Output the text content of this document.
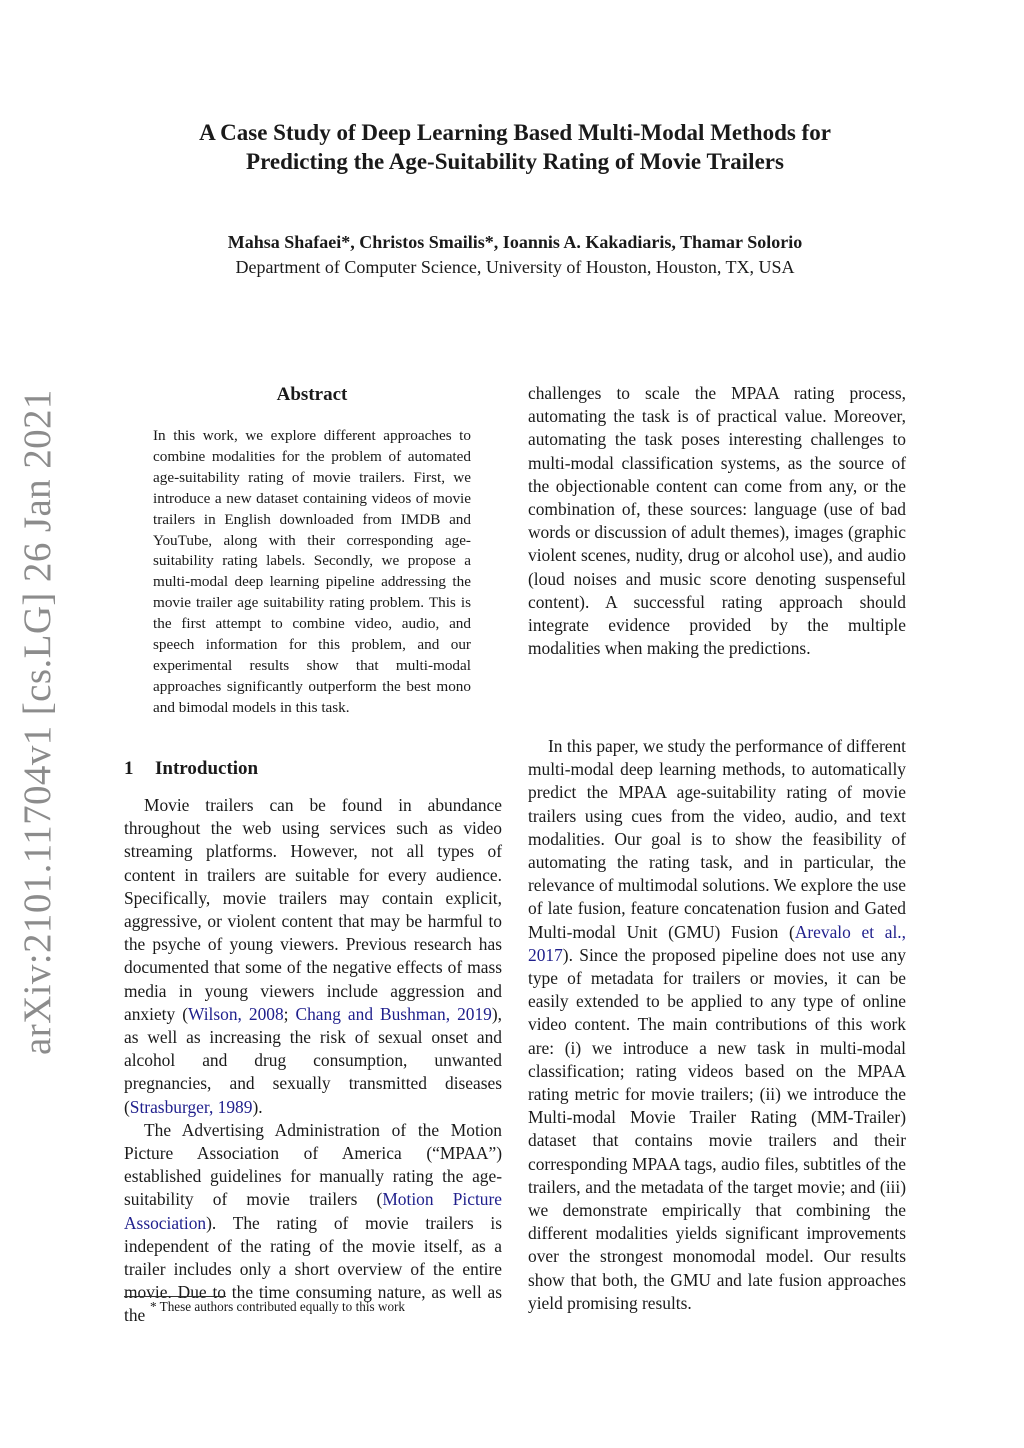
A Case Study of Deep Learning Based Multi-Modal Methods for
Predicting the Age-Suitability Rating of Movie Trailers
Mahsa Shafaei*, Christos Smailis*, Ioannis A. Kakadiaris, Thamar Solorio
Department of Computer Science, University of Houston, Houston, TX, USA
arXiv:2101.11704v1 [cs.LG] 26 Jan 2021	Abstract

In this work, we explore different approaches to combine modalities for the problem of automated age-suitability rating of movie trailers. First, we introduce a new dataset containing videos of movie trailers in English downloaded from IMDB and YouTube, along with their corresponding age-suitability rating labels. Secondly, we propose a multi-modal deep learning pipeline addressing the movie trailer age suitability rating problem. This is the first attempt to combine video, audio, and speech information for this problem, and our experimental results show that multi-modal approaches significantly outperform the best mono and bimodal models in this task.

1 Introduction

Movie trailers can be found in abundance throughout the web using services such as video streaming platforms. However, not all types of content in trailers are suitable for every audience. Specifically, movie trailers may contain explicit, aggressive, or violent content that may be harmful to the psyche of young viewers. Previous research has documented that some of the negative effects of mass media in young viewers include aggression and anxiety (Wilson, 2008; Chang and Bushman, 2019), as well as increasing the risk of sexual onset and alcohol and drug consumption, unwanted pregnancies, and sexually transmitted diseases (Strasburger, 1989).

The Advertising Administration of the Motion Picture Association of America (“MPAA”) established guidelines for manually rating the age-suitability of movie trailers (Motion Picture Association). The rating of movie trailers is independent of the rating of the movie itself, as a trailer includes only a short overview of the entire movie. Due to the time consuming nature, as well as the

challenges to scale the MPAA rating process, automating the task is of practical value. Moreover, automating the task poses interesting challenges to multi-modal classification systems, as the source of the objectionable content can come from any, or the combination of, these sources: language (use of bad words or discussion of adult themes), images (graphic violent scenes, nudity, drug or alcohol use), and audio (loud noises and music score denoting suspenseful content). A successful rating approach should integrate evidence provided by the multiple modalities when making the predictions.

In this paper, we study the performance of different multi-modal deep learning methods, to automatically predict the MPAA age-suitability rating of movie trailers using cues from the video, audio, and text modalities. Our goal is to show the feasibility of automating the rating task, and in particular, the relevance of multimodal solutions. We explore the use of late fusion, feature concatenation fusion and Gated Multi-modal Unit (GMU) Fusion (Arevalo et al., 2017). Since the proposed pipeline does not use any type of metadata for trailers or movies, it can be easily extended to be applied to any type of online video content. The main contributions of this work are: (i) we introduce a new task in multi-modal classification; rating videos based on the MPAA rating metric for movie trailers; (ii) we introduce the Multi-modal Movie Trailer Rating (MM-Trailer) dataset that contains movie trailers and their corresponding MPAA tags, audio files, subtitles of the trailers, and the metadata of the target movie; and (iii) we demonstrate empirically that combining the different modalities yields significant improvements over the strongest monomodal model. Our results show that both, the GMU and late fusion approaches yield promising results.

* These authors contributed equally to this work
